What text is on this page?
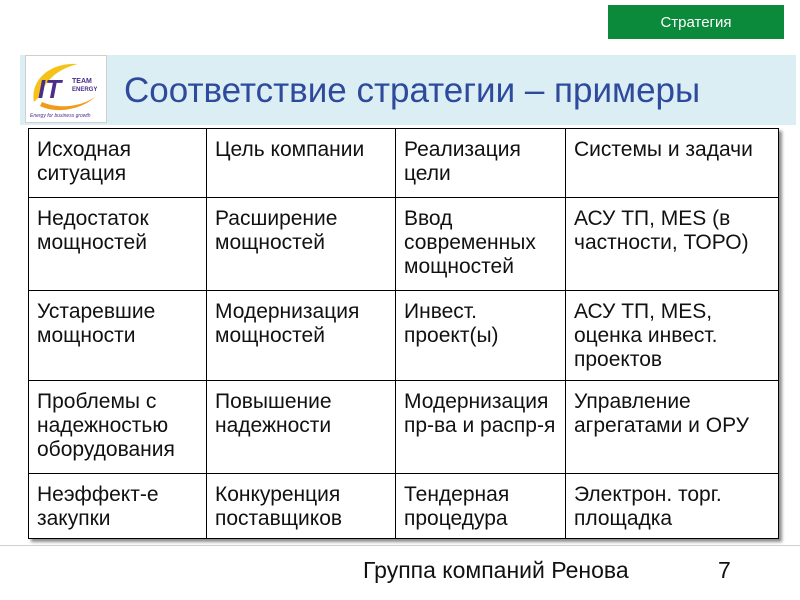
Стратегия
IT	TEAM
ENERGY
Energy for business growth
Соответствие стратегии – примеры
Исходная ситуация	Цель компании	Реализация цели	Системы и задачи
Недостаток мощностей	Расширение мощностей	Ввод современных мощностей	АСУ ТП, MES (в частности, ТОРО)
Устаревшие мощности	Модернизация мощностей	Инвест. проект(ы)	АСУ ТП, MES, оценка инвест. проектов
Проблемы с надежностью оборудования	Повышение надежности	Модернизация пр-ва и распр-я	Управление агрегатами и ОРУ
Неэффект-е закупки	Конкуренция поставщиков	Тендерная процедура	Электрон. торг. площадка
Группа компаний Ренова	7
